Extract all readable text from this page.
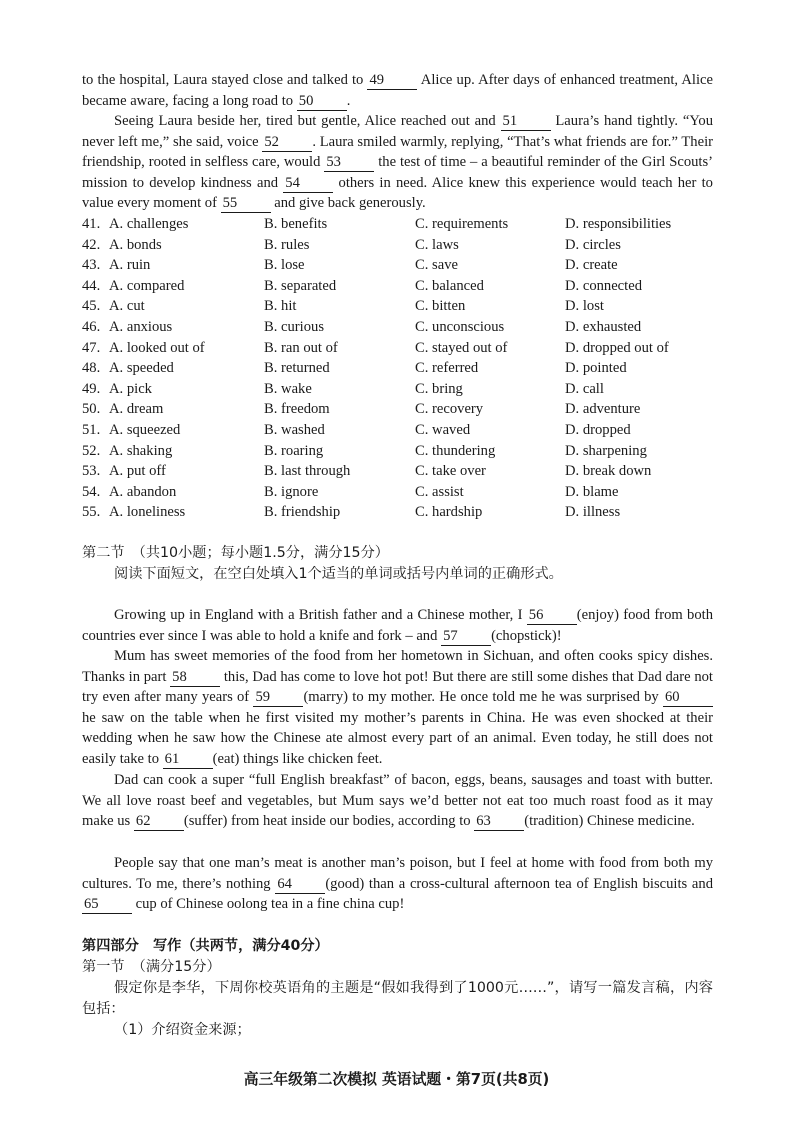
to the hospital, Laura stayed close and talked to 49	Alice up. After days of enhanced treatment, Alice became aware, facing a long road to 50 .

Seeing Laura beside her, tired but gentle, Alice reached out and 51	Laura’s hand tightly. “You never left me,” she said, voice 52 . Laura smiled warmly, replying, “That’s what friends are for.” Their friendship, rooted in selfless care, would 53	the test of time – a beautiful reminder of the Girl Scouts’ mission to develop kindness and 54	others in need. Alice knew this experience would teach her to value every moment of 55	and give back generously.

41. A. challenges	B. benefits	C. requirements	D. responsibilities
42. A. bonds	B. rules	C. laws	D. circles
43. A. ruin	B. lose	C. save	D. create
44. A. compared	B. separated	C. balanced	D. connected
45. A. cut	B. hit	C. bitten	D. lost
46. A. anxious	B. curious	C. unconscious	D. exhausted
47. A. looked out of	B. ran out of	C. stayed out of	D. dropped out of
48. A. speeded	B. returned	C. referred	D. pointed
49. A. pick	B. wake	C. bring	D. call
50. A. dream	B. freedom	C. recovery	D. adventure
51. A. squeezed	B. washed	C. waved	D. dropped
52. A. shaking	B. roaring	C. thundering	D. sharpening
53. A. put off	B. last through	C. take over	D. break down
54. A. abandon	B. ignore	C. assist	D. blame
55. A. loneliness	B. friendship	C. hardship	D. illness
第二节　（共10小题；每小题1.5分，满分15分）
阅读下面短文，在空白处填入1个适当的单词或括号内单词的正确形式。

Growing up in England with a British father and a Chinese mother, I 56 (enjoy) food from both countries ever since I was able to hold a knife and fork – and 57 (chopstick)!

Mum has sweet memories of the food from her hometown in Sichuan, and often cooks spicy dishes. Thanks in part 58	this, Dad has come to love hot pot! But there are still some dishes that Dad dare not try even after many years of 59 (marry) to my mother. He once told me he was surprised by 60 he saw on the table when he first visited my mother’s parents in China. He was even shocked at their wedding when he saw how the Chinese ate almost every part of an animal. Even today, he still does not easily take to 61 (eat) things like chicken feet.

Dad can cook a super “full English breakfast” of bacon, eggs, beans, sausages and toast with butter. We all love roast beef and vegetables, but Mum says we’d better not eat too much roast food as it may make us 62 (suffer) from heat inside our bodies, according to 63 (tradition) Chinese medicine.

People say that one man’s meat is another man’s poison, but I feel at home with food from both my cultures. To me, there’s nothing 64 (good) than a cross-cultural afternoon tea of English biscuits and 65	cup of Chinese oolong tea in a fine china cup!

第四部分　写作（共两节，满分40分）
第一节　（满分15分）

假定你是李华，下周你校英语角的主题是“假如我得到了1000元……”，请写一篇发言稿，内容包括：

（1）介绍资金来源；
高三年级第二次模拟 英语试题・第7页(共8页)
